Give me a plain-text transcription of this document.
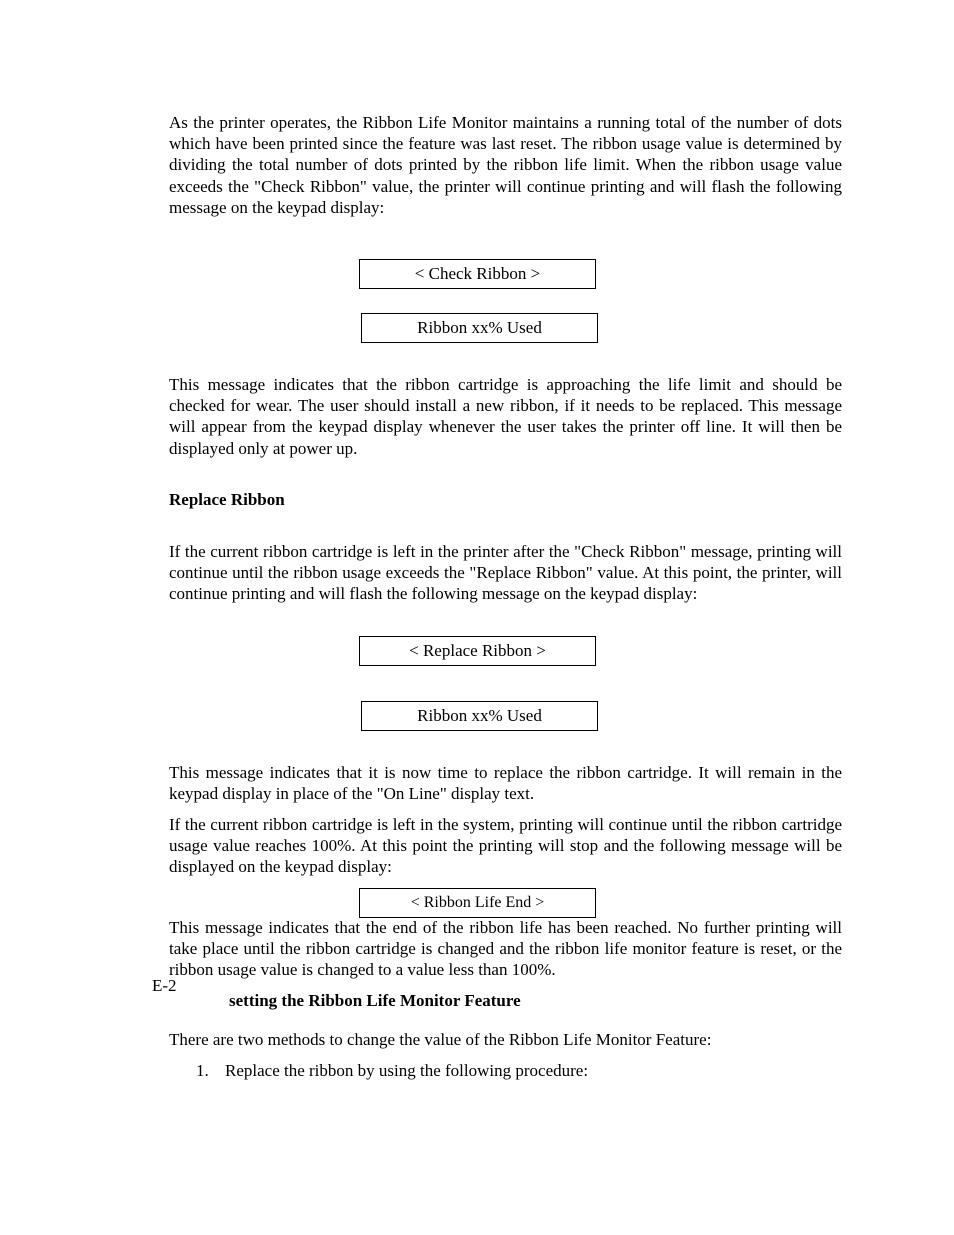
As the printer operates, the Ribbon Life Monitor maintains a running total of the number of dots which have been printed since the feature was last reset. The ribbon usage value is determined by dividing the total number of dots printed by the ribbon life limit. When the ribbon usage value exceeds the "Check Ribbon" value, the printer will continue printing and will flash the following message on the keypad display:

< Check Ribbon >
Ribbon xx% Used

This message indicates that the ribbon cartridge is approaching the life limit and should be checked for wear. The user should install a new ribbon, if it needs to be replaced. This message will appear from the keypad display whenever the user takes the printer off line. It will then be displayed only at power up.

Replace Ribbon

If the current ribbon cartridge is left in the printer after the "Check Ribbon" message, printing will continue until the ribbon usage exceeds the "Replace Ribbon" value. At this point, the printer, will continue printing and will flash the following message on the keypad display:

< Replace Ribbon >
Ribbon xx% Used

This message indicates that it is now time to replace the ribbon cartridge. It will remain in the keypad display in place of the "On Line" display text.

If the current ribbon cartridge is left in the system, printing will continue until the ribbon cartridge usage value reaches 100%. At this point the printing will stop and the following message will be displayed on the keypad display:

< Ribbon Life End >

This message indicates that the end of the ribbon life has been reached. No further printing will take place until the ribbon cartridge is changed and the ribbon life monitor feature is reset, or the ribbon usage value is changed to a value less than 100%.

E-2

setting the Ribbon Life Monitor Feature

There are two methods to change the value of the Ribbon Life Monitor Feature:

1. Replace the ribbon by using the following procedure:
